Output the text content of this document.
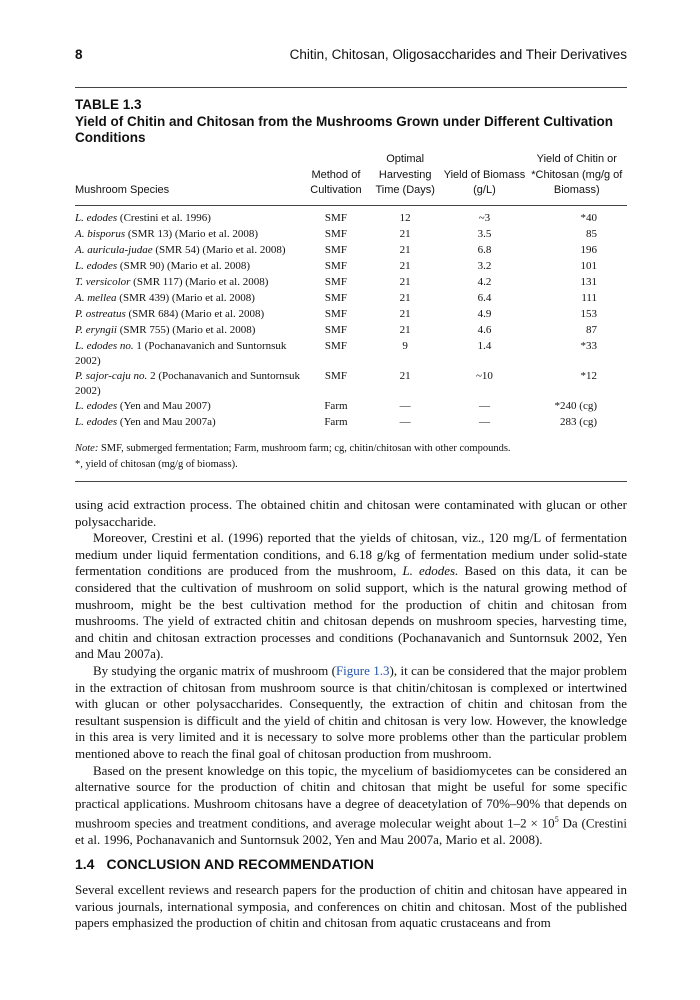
8	Chitin, Chitosan, Oligosaccharides and Their Derivatives
TABLE 1.3
Yield of Chitin and Chitosan from the Mushrooms Grown under Different Cultivation Conditions
Mushroom Species	Method of Cultivation	Optimal Harvesting Time (Days)	Yield of Biomass (g/L)	Yield of Chitin or *Chitosan (mg/g of Biomass)
L. edodes (Crestini et al. 1996)	SMF	12	~3	*40
A. bisporus (SMR 13) (Mario et al. 2008)	SMF	21	3.5	85
A. auricula-judae (SMR 54) (Mario et al. 2008)	SMF	21	6.8	196
L. edodes (SMR 90) (Mario et al. 2008)	SMF	21	3.2	101
T. versicolor (SMR 117) (Mario et al. 2008)	SMF	21	4.2	131
A. mellea (SMR 439) (Mario et al. 2008)	SMF	21	6.4	111
P. ostreatus (SMR 684) (Mario et al. 2008)	SMF	21	4.9	153
P. eryngii (SMR 755) (Mario et al. 2008)	SMF	21	4.6	87
L. edodes no. 1 (Pochanavanich and Suntornsuk 2002)	SMF	9	1.4	*33
P. sajor-caju no. 2 (Pochanavanich and Suntornsuk 2002)	SMF	21	~10	*12
L. edodes (Yen and Mau 2007)	Farm	—	—	*240 (cg)
L. edodes (Yen and Mau 2007a)	Farm	—	—	283 (cg)
Note: SMF, submerged fermentation; Farm, mushroom farm; cg, chitin/chitosan with other compounds.
*, yield of chitosan (mg/g of biomass).

using acid extraction process. The obtained chitin and chitosan were contaminated with glucan or other polysaccharide.

Moreover, Crestini et al. (1996) reported that the yields of chitosan, viz., 120 mg/L of fermentation medium under liquid fermentation conditions, and 6.18 g/kg of fermentation medium under solid-state fermentation conditions are produced from the mushroom, L. edodes. Based on this data, it can be considered that the cultivation of mushroom on solid support, which is the natural growing method of mushroom, might be the best cultivation method for the production of chitin and chitosan from mushrooms. The yield of extracted chitin and chitosan depends on mushroom species, harvesting time, and chitin and chitosan extraction processes and conditions (Pochanavanich and Suntornsuk 2002, Yen and Mau 2007a).

By studying the organic matrix of mushroom (Figure 1.3), it can be considered that the major problem in the extraction of chitosan from mushroom source is that chitin/chitosan is complexed or intertwined with glucan or other polysaccharides. Consequently, the extraction of chitin and chitosan from the resultant suspension is difficult and the yield of chitin and chitosan is very low. However, the knowledge in this area is very limited and it is necessary to solve more problems other than the particular problem mentioned above to reach the final goal of chitosan production from mushroom.

Based on the present knowledge on this topic, the mycelium of basidiomycetes can be considered an alternative source for the production of chitin and chitosan that might be useful for some specific practical applications. Mushroom chitosans have a degree of deacetylation of 70%–90% that depends on mushroom species and treatment conditions, and average molecular weight about $1-2 \times 10^5$ Da (Crestini et al. 1996, Pochanavanich and Suntornsuk 2002, Yen and Mau 2007a, Mario et al. 2008).

1.4 CONCLUSION AND RECOMMENDATION

Several excellent reviews and research papers for the production of chitin and chitosan have appeared in various journals, international symposia, and conferences on chitin and chitosan. Most of the published papers emphasized the production of chitin and chitosan from aquatic crustaceans and from
